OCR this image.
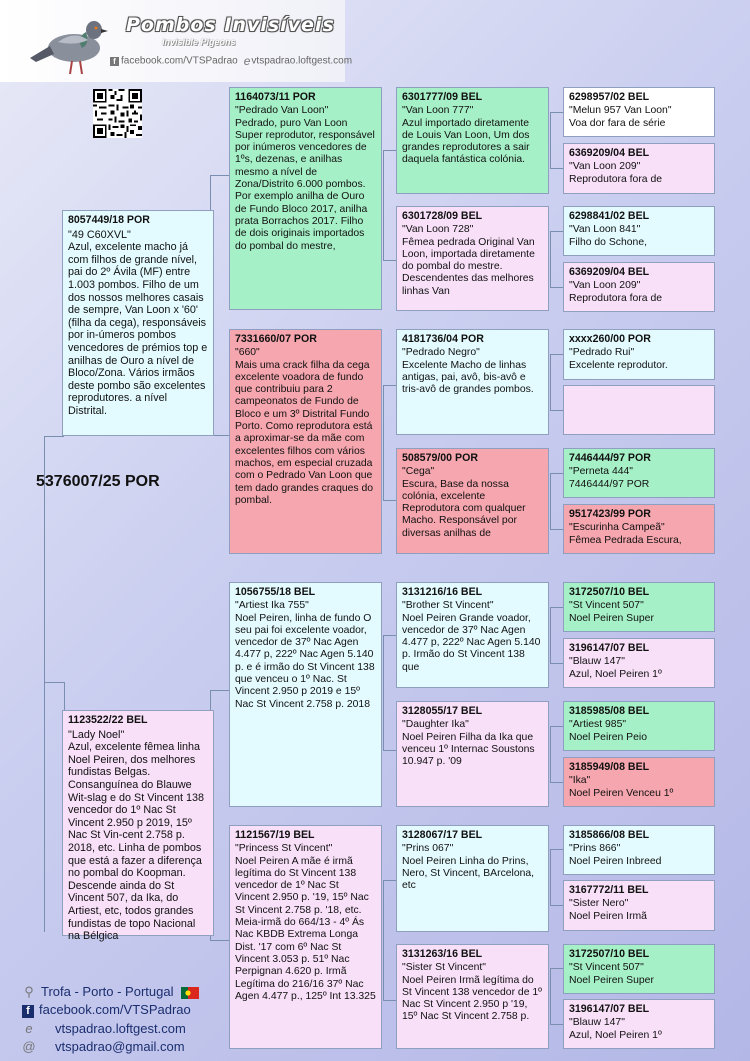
Pombos Invisíveis
Invisible Pigeons
f facebook.com/VTSPadrao evtspadrao.loftgest.com
5376007/25 POR
8057449/18 POR
"49 C60XVL"
Azul, excelente macho já com filhos de grande nível, pai do 2º Ávila (MF) entre 1.003 pombos. Filho de um dos nossos melhores casais de sempre, Van Loon x '60' (filha da cega), responsáveis por in-úmeros pombos vencedores de prémios top e anilhas de Ouro a nível de Bloco/Zona. Vários irmãos deste pombo são excelentes reprodutores. a nível Distrital.
1123522/22 BEL
"Lady Noel"
Azul, excelente fêmea linha Noel Peiren, dos melhores fundistas Belgas. Consanguínea do Blauwe Wit-slag e do St Vincent 138 vencedor do 1º Nac St Vincent 2.950 p 2019, 15º Nac St Vin-cent 2.758 p. 2018, etc. Linha de pombos que está a fazer a diferença no pombal do Koopman. Descende ainda do St Vincent 507, da Ika, do Artiest, etc, todos grandes fundistas de topo Nacional na Bélgica
1164073/11 POR
"Pedrado Van Loon"
Pedrado, puro Van Loon Super reprodutor, responsável por inúmeros vencedores de 1ºs, dezenas, e anilhas mesmo a nível de Zona/Distrito 6.000 pombos. Por exemplo anilha de Ouro de Fundo Bloco 2017, anilha prata Borrachos 2017. Filho de dois originais importados do pombal do mestre,
7331660/07 POR
"660"
Mais uma crack filha da cega excelente voadora de fundo que contribuiu para 2 campeonatos de Fundo de Bloco e um 3º Distrital Fundo Porto. Como reprodutora está a aproximar-se da mãe com excelentes filhos com vários machos, em especial cruzada com o Pedrado Van Loon que tem dado grandes craques do pombal.
1056755/18 BEL
"Artiest Ika 755"
Noel Peiren, linha de fundo O seu pai foi excelente voador, vencedor de 37º Nac Agen 4.477 p, 222º Nac Agen 5.140 p. e é irmão do St Vincent 138 que venceu o 1º Nac. St Vincent 2.950 p 2019 e 15º Nac St Vincent 2.758 p. 2018
1121567/19 BEL
"Princess St Vincent"
Noel Peiren A mãe é irmã legítima do St Vincent 138 vencedor de 1º Nac St Vincent 2.950 p. '19, 15º Nac St Vincent 2.758 p. '18, etc. Meia-irmã do 664/13 - 4º Ás Nac KBDB Extrema Longa Dist. '17 com 6º Nac St Vincent 3.053 p. 51º Nac Perpignan 4.620 p. Irmã Legítima do 216/16 37º Nac Agen 4.477 p., 125º Int 13.325
6301777/09 BEL
"Van Loon 777"
Azul importado diretamente de Louis Van Loon, Um dos grandes reprodutores a sair daquela fantástica colónia.
6301728/09 BEL
"Van Loon 728"
Fêmea pedrada Original Van Loon, importada diretamente do pombal do mestre. Descendentes das melhores linhas Van
4181736/04 POR
"Pedrado Negro"
Excelente Macho de linhas antigas, pai, avô, bis-avô e tris-avô de grandes pombos.
508579/00 POR
"Cega"
Escura, Base da nossa colónia, excelente Reprodutora com qualquer Macho. Responsável por diversas anilhas de
3131216/16 BEL
"Brother St Vincent"
Noel Peiren Grande voador, vencedor de 37º Nac Agen 4.477 p, 222º Nac Agen 5.140 p. Irmão do St Vincent 138 que
3128055/17 BEL
"Daughter Ika"
Noel Peiren Filha da Ika que venceu 1º Internac Soustons 10.947 p. '09
3128067/17 BEL
"Prins 067"
Noel Peiren Linha do Prins, Nero, St Vincent, BArcelona, etc
3131263/16 BEL
"Sister St Vincent"
Noel Peiren Irmã legítima do St Vincent 138 vencedor de 1º Nac St Vincent 2.950 p '19, 15º Nac St Vincent 2.758 p.
6298957/02 BEL
"Melun 957 Van Loon"
Voa dor fara de série
6369209/04 BEL
"Van Loon 209"
Reprodutora fora de
6298841/02 BEL
"Van Loon 841"
Filho do Schone,
6369209/04 BEL
"Van Loon 209"
Reprodutora fora de
xxxx260/00 POR
"Pedrado Rui"
Excelente reprodutor.
7446444/97 POR
"Perneta 444"
7446444/97 POR
9517423/99 POR
"Escurinha Campeã"
Fêmea Pedrada Escura,
3172507/10 BEL
"St Vincent 507"
Noel Peiren Super
3196147/07 BEL
"Blauw 147"
Azul, Noel Peiren 1º
3185985/08 BEL
"Artiest 985"
Noel Peiren Peio
3185949/08 BEL
"Ika"
Noel Peiren Venceu 1º
3185866/08 BEL
"Prins 866"
Noel Peiren Inbreed
3167772/11 BEL
"Sister Nero"
Noel Peiren Irmã
3172507/10 BEL
"St Vincent 507"
Noel Peiren Super
3196147/07 BEL
"Blauw 147"
Azul, Noel Peiren 1º
⚲ Trofa - Porto - Portugal
f facebook.com/VTSPadrao
e vtspadrao.loftgest.com
@ vtspadrao@gmail.com
